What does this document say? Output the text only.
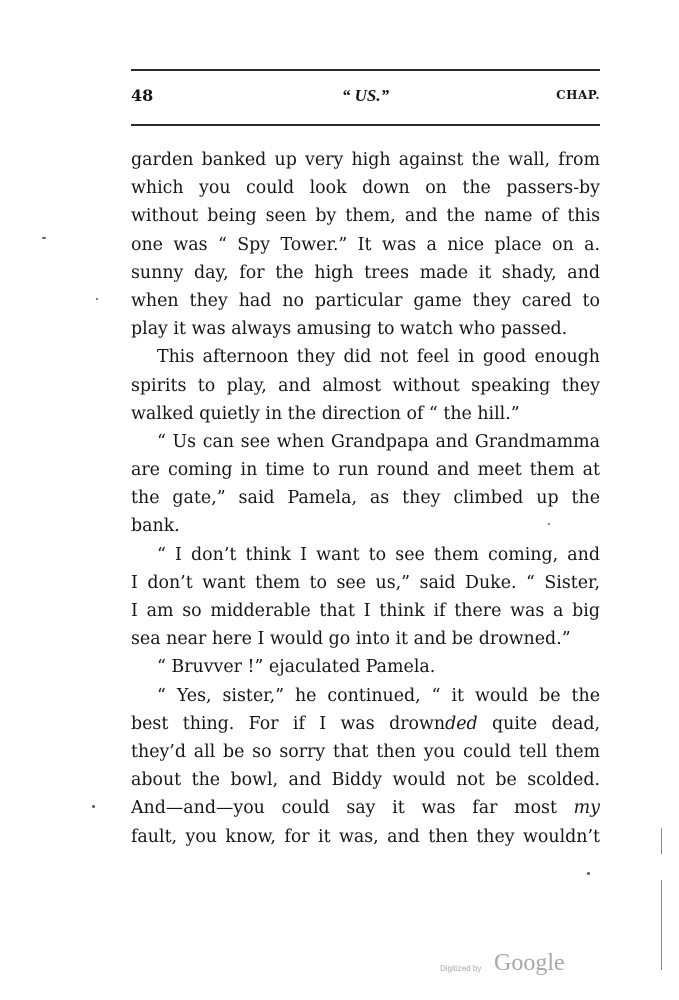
48	“ US.”	CHAP.
garden banked up very high against the wall, from
which you could look down on the passers-by
without being seen by them, and the name of this
one was “ Spy Tower.” It was a nice place on a.
sunny day, for the high trees made it shady, and
when they had no particular game they cared to
play it was always amusing to watch who passed.
This afternoon they did not feel in good enough
spirits to play, and almost without speaking they
walked quietly in the direction of “ the hill.”
“ Us can see when Grandpapa and Grandmamma
are coming in time to run round and meet them at
the gate,” said Pamela, as they climbed up the
bank.
“ I don’t think I want to see them coming, and
I don’t want them to see us,” said Duke. “ Sister,
I am so midderable that I think if there was a big
sea near here I would go into it and be drowned.”
“ Bruvver !” ejaculated Pamela.
“ Yes, sister,” he continued, “ it would be the
best thing. For if I was drownded quite dead,
they’d all be so sorry that then you could tell them
about the bowl, and Biddy would not be scolded.
And—and—you could say it was far most my
fault, you know, for it was, and then they wouldn’t
Digitized by Google
